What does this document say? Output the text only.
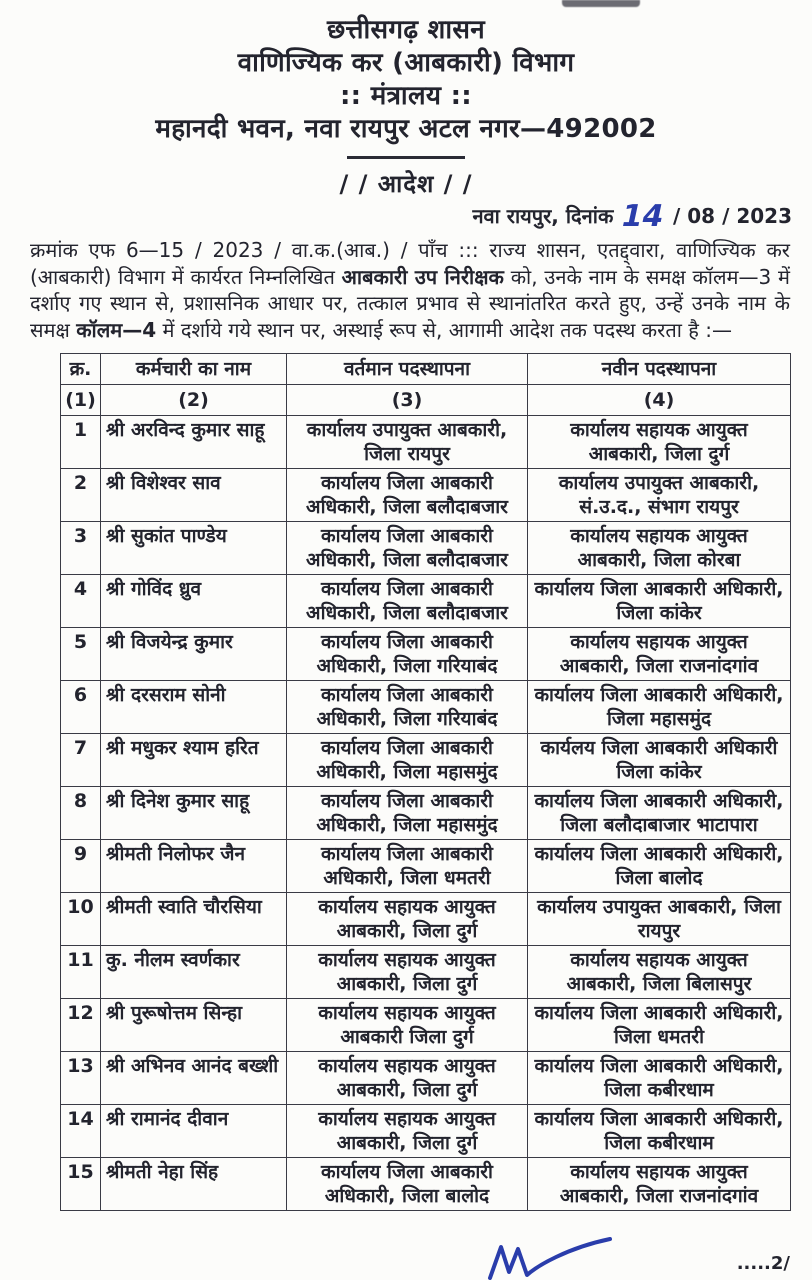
छत्तीसगढ़ शासन
वाणिज्यिक कर (आबकारी) विभाग
:: मंत्रालय ::
महानदी भवन, नवा रायपुर अटल नगर—492002
/ / आदेश / /
नवा रायपुर, दिनांक 14 / 08 / 2023
क्रमांक एफ 6—15 / 2023 / वा.क.(आब.) / पाँच ::: राज्य शासन, एतद्द्वारा, वाणिज्यिक कर (आबकारी) विभाग में कार्यरत निम्नलिखित आबकारी उप निरीक्षक को, उनके नाम के समक्ष कॉलम—3 में दर्शाए गए स्थान से, प्रशासनिक आधार पर, तत्काल प्रभाव से स्थानांतरित करते हुए, उन्हें उनके नाम के समक्ष कॉलम—4 में दर्शाये गये स्थान पर, अस्थाई रूप से, आगामी आदेश तक पदस्थ करता है :—
क्र.	कर्मचारी का नाम	वर्तमान पदस्थापना	नवीन पदस्थापना
(1)	(2)	(3)	(4)
1	श्री अरविन्द कुमार साहू	कार्यालय उपायुक्त आबकारी, जिला रायपुर	कार्यालय सहायक आयुक्त आबकारी, जिला दुर्ग
2	श्री विशेश्वर साव	कार्यालय जिला आबकारी अधिकारी, जिला बलौदाबजार	कार्यालय उपायुक्त आबकारी, सं.उ.द., संभाग रायपुर
3	श्री सुकांत पाण्डेय	कार्यालय जिला आबकारी अधिकारी, जिला बलौदाबजार	कार्यालय सहायक आयुक्त आबकारी, जिला कोरबा
4	श्री गोविंद ध्रुव	कार्यालय जिला आबकारी अधिकारी, जिला बलौदाबजार	कार्यालय जिला आबकारी अधिकारी, जिला कांकेर
5	श्री विजयेन्द्र कुमार	कार्यालय जिला आबकारी अधिकारी, जिला गरियाबंद	कार्यालय सहायक आयुक्त आबकारी, जिला राजनांदगांव
6	श्री दरसराम सोनी	कार्यालय जिला आबकारी अधिकारी, जिला गरियाबंद	कार्यालय जिला आबकारी अधिकारी, जिला महासमुंद
7	श्री मधुकर श्याम हरित	कार्यालय जिला आबकारी अधिकारी, जिला महासमुंद	कार्यलय जिला आबकारी अधिकारी जिला कांकेर
8	श्री दिनेश कुमार साहू	कार्यालय जिला आबकारी अधिकारी, जिला महासमुंद	कार्यालय जिला आबकारी अधिकारी, जिला बलौदाबाजार भाटापारा
9	श्रीमती निलोफर जैन	कार्यालय जिला आबकारी अधिकारी, जिला धमतरी	कार्यालय जिला आबकारी अधिकारी, जिला बालोद
10	श्रीमती स्वाति चौरसिया	कार्यालय सहायक आयुक्त आबकारी, जिला दुर्ग	कार्यालय उपायुक्त आबकारी, जिला रायपुर
11	कु. नीलम स्वर्णकार	कार्यालय सहायक आयुक्त आबकारी, जिला दुर्ग	कार्यालय सहायक आयुक्त आबकारी, जिला बिलासपुर
12	श्री पुरूषोत्तम सिन्हा	कार्यालय सहायक आयुक्त आबकारी जिला दुर्ग	कार्यालय जिला आबकारी अधिकारी, जिला धमतरी
13	श्री अभिनव आनंद बख्शी	कार्यालय सहायक आयुक्त आबकारी, जिला दुर्ग	कार्यालय जिला आबकारी अधिकारी, जिला कबीरधाम
14	श्री रामानंद दीवान	कार्यालय सहायक आयुक्त आबकारी, जिला दुर्ग	कार्यालय जिला आबकारी अधिकारी, जिला कबीरधाम
15	श्रीमती नेहा सिंह	कार्यालय जिला आबकारी अधिकारी, जिला बालोद	कार्यालय सहायक आयुक्त आबकारी, जिला राजनांदगांव
.....2/
